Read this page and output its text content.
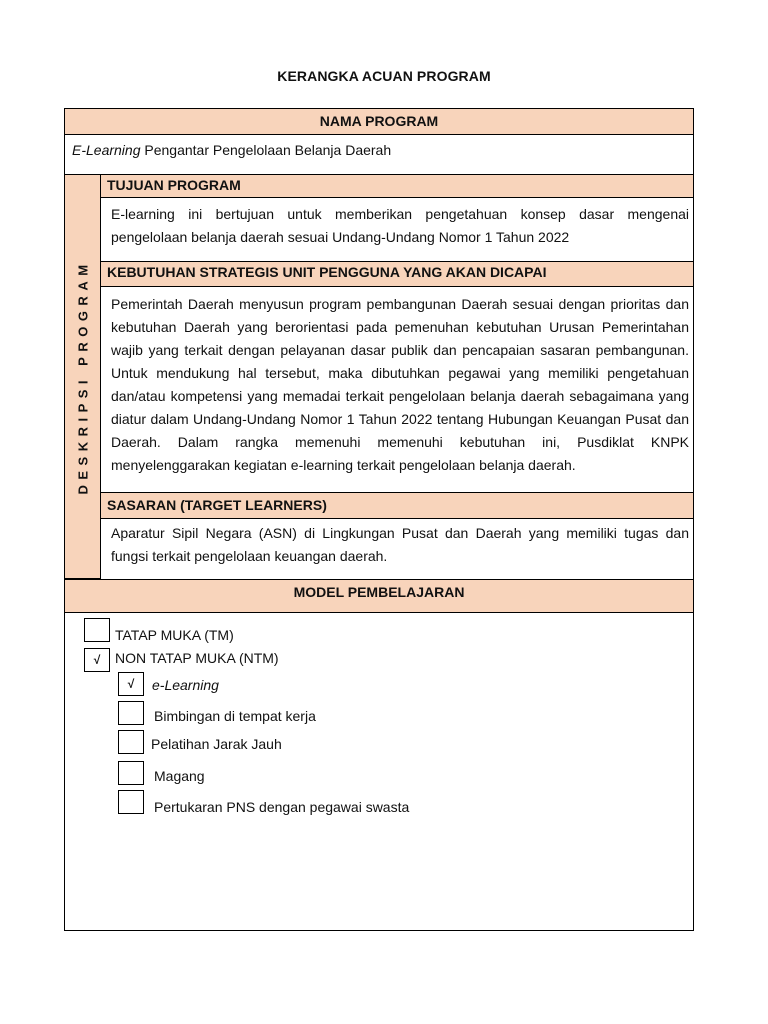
KERANGKA ACUAN PROGRAM
NAMA PROGRAM
E-Learning Pengantar Pengelolaan Belanja Daerah
DESKRIPSI PROGRAM
TUJUAN PROGRAM
E-learning ini bertujuan untuk memberikan pengetahuan konsep dasar mengenai pengelolaan belanja daerah sesuai Undang-Undang Nomor 1 Tahun 2022
KEBUTUHAN STRATEGIS UNIT PENGGUNA YANG AKAN DICAPAI
Pemerintah Daerah menyusun program pembangunan Daerah sesuai dengan prioritas dan kebutuhan Daerah yang berorientasi pada pemenuhan kebutuhan Urusan Pemerintahan wajib yang terkait dengan pelayanan dasar publik dan pencapaian sasaran pembangunan. Untuk mendukung hal tersebut, maka dibutuhkan pegawai yang memiliki pengetahuan dan/atau kompetensi yang memadai terkait pengelolaan belanja daerah sebagaimana yang diatur dalam Undang-Undang Nomor 1 Tahun 2022 tentang Hubungan Keuangan Pusat dan Daerah. Dalam rangka memenuhi memenuhi kebutuhan ini, Pusdiklat KNPK menyelenggarakan kegiatan e-learning terkait pengelolaan belanja daerah.
SASARAN (TARGET LEARNERS)
Aparatur Sipil Negara (ASN) di Lingkungan Pusat dan Daerah yang memiliki tugas dan fungsi terkait pengelolaan keuangan daerah.
MODEL PEMBELAJARAN
TATAP MUKA (TM)
√	NON TATAP MUKA (NTM)
√	e-Learning
Bimbingan di tempat kerja
Pelatihan Jarak Jauh
Magang
Pertukaran PNS dengan pegawai swasta
